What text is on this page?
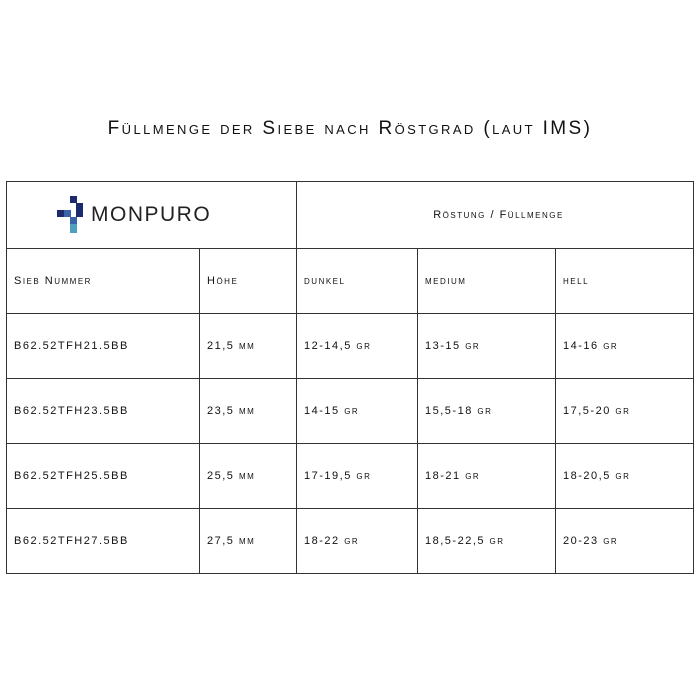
Füllmenge der Siebe nach Röstgrad (laut IMS)
MONPURO		Röstung / Füllmenge		
Sieb Nummer	Höhe	dunkel	medium	hell
B62.52TFH21.5BB	21,5 mm	12-14,5 gr	13-15 gr	14-16 gr
B62.52TFH23.5BB	23,5 mm	14-15 gr	15,5-18 gr	17,5-20 gr
B62.52TFH25.5BB	25,5 mm	17-19,5 gr	18-21 gr	18-20,5 gr
B62.52TFH27.5BB	27,5 mm	18-22 gr	18,5-22,5 gr	20-23 gr
